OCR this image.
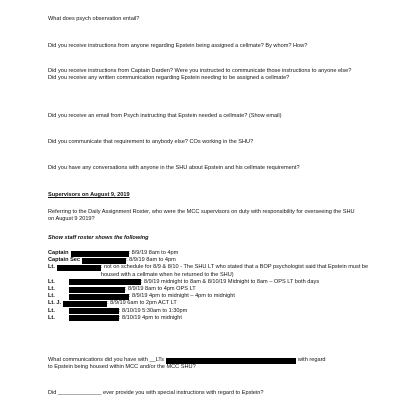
What does psych observation entail?

Did you receive instructions from anyone regarding Epstein being assigned a cellmate? By whom? How?

Did you receive instructions from Captain Darden? Were you instructed to communicate those instructions to anyone else? Did you receive any written communication regarding Epstein needing to be assigned a cellmate?

Did you receive an email from Psych instructing that Epstein needed a cellmate? (Show email)

Did you communicate that requirement to anybody else? COs working in the SHU?

Did you have any conversations with anyone in the SHU about Epstein and his cellmate requirement?

Supervisors on August 9, 2019

Referring to the Daily Assignment Roster, who were the MCC supervisors on duty with responsibility for overseeing the SHU on August 9 2019?

Show staff roster shows the following

Captain	: 8/9/19 8am to 4pm
Captain Sec	: 8/9/19 8am to 4pm
Lt.	: not on schedule for 8/9 & 8/10 - The SHU LT who stated that a BOP psychologist said that Epstein must be housed with a cellmate when he returned to the SHU)
Lt.	: 8/9/19 midnight to 8am & 8/10/19 Midnight to 8am – OPS LT both days
Lt.	: 8/9/19 8am to 4pm OPS LT
Lt.	: 8/9/19 4pm to midnight – 4pm to midnight
Lt. J.	: 8/9/19 6am to 2pm ACT LT
Lt.	: 8/10/19 5:30am to 1:30pm
Lt.	: 8/10/19 4pm to midnight
What communications did you have with __LTs	with regard
to Epstein being housed within MCC and/or the MCC SHU?

Did ______________ ever provide you with special instructions with regard to Epstein?
